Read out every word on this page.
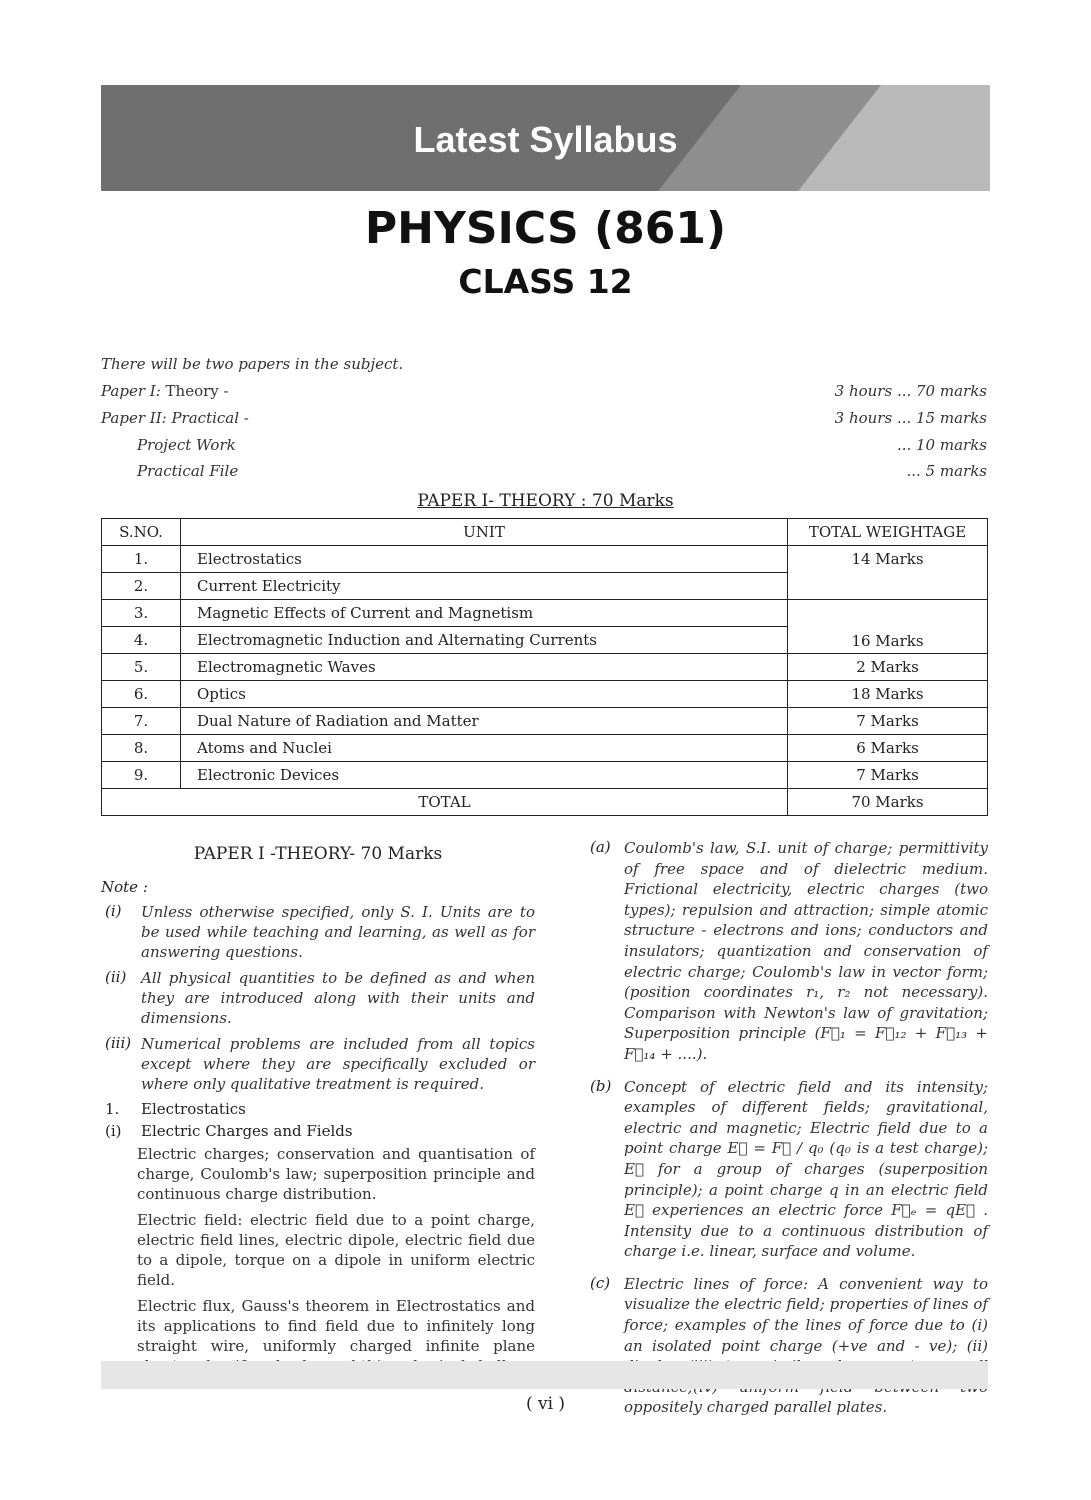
Latest Syllabus
PHYSICS (861)
CLASS 12
There will be two papers in the subject.
Paper I: Theory -	3 hours ... 70 marks
Paper II: Practical -	3 hours ... 15 marks
Project Work	... 10 marks
Practical File	... 5 marks
PAPER I- THEORY : 70 Marks
S.NO.	UNIT	TOTAL WEIGHTAGE
1.	Electrostatics	14 Marks
2.	Current Electricity	
3.	Magnetic Effects of Current and Magnetism	16 Marks
4.	Electromagnetic Induction and Alternating Currents	
5.	Electromagnetic Waves	2 Marks
6.	Optics	18 Marks
7.	Dual Nature of Radiation and Matter	7 Marks
8.	Atoms and Nuclei	6 Marks
9.	Electronic Devices	7 Marks
TOTAL		70 Marks
PAPER I -THEORY- 70 Marks
Note :
(i)	Unless otherwise specified, only S. I. Units are to be used while teaching and learning, as well as for answering questions.
(ii) All physical quantities to be defined as and when they are introduced along with their units and dimensions.
(iii) Numerical problems are included from all topics except where they are specifically excluded or where only qualitative treatment is required.
1.	Electrostatics
(i)	Electric Charges and Fields

Electric charges; conservation and quantisation of charge, Coulomb's law; superposition principle and continuous charge distribution.

Electric field: electric field due to a point charge, electric field lines, electric dipole, electric field due to a dipole, torque on a dipole in uniform electric field.

Electric flux, Gauss's theorem in Electrostatics and its applications to find field due to infinitely long straight wire, uniformly charged infinite plane

(a) Coulomb's law, S.I. unit of charge; permittivity of free space and of dielectric medium. Frictional electricity, electric charges (two types); repulsion and attraction; simple atomic structure - electrons and ions; conductors and insulators; quantization and conservation of electric charge; Coulomb's law in vector form; (position coordinates r₁, r₂ not necessary). Comparison with Newton's law of gravitation; Superposition principle (F⃗₁ = F⃗₁₂ + F⃗₁₃ + F⃗₁₄ + ....).
(b) Concept of electric field and its intensity; examples of different fields; gravitational, electric and magnetic; Electric field due to a point charge E⃗ = F⃗ / q₀ (q₀ is a test charge); E⃗ for a group of charges (superposition principle); a point charge q in an electric field E⃗ experiences an electric force F⃗ₑ = qE⃗ . Intensity due to a continuous distribution of charge i.e. linear, surface and volume.
(c) Electric lines of force: A convenient way to visualize the electric field; properties of lines of force; examples of the lines of force due to (i) an isolated point charge (+ve and - ve); (ii) oppositely charged parallel plates.
( vi )
